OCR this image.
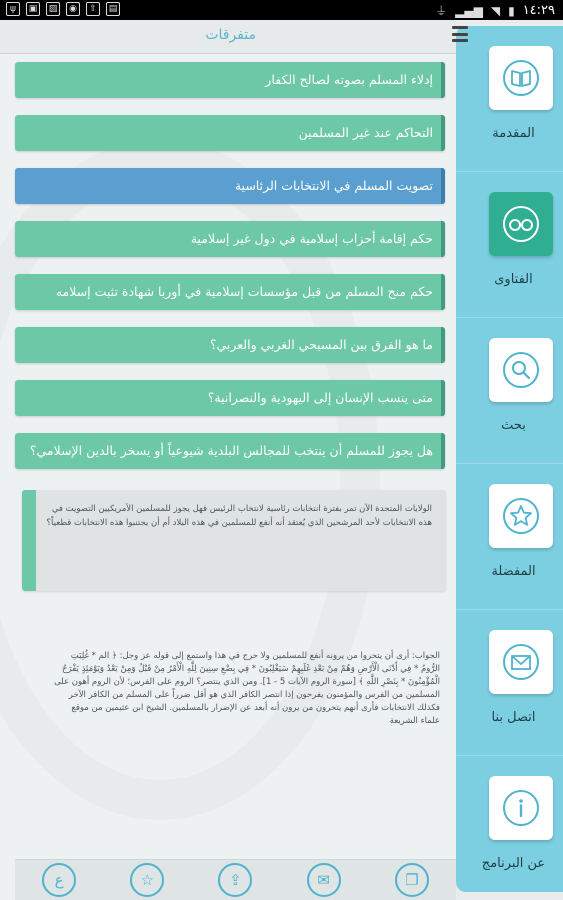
ψ	▣	▨	◉	⇧	▤	⏚ ▂▄▆ ◥ ▮ ١٤:٢٩
متفرقات
إدلاء المسلم بصوته لصالح الكفار
التحاكم عند غير المسلمين
تصويت المسلم في الانتخابات الرئاسية
حكم إقامة أحزاب إسلامية في دول غير إسلامية
حكم منح المسلم من قبل مؤسسات إسلامية في أوربا شهادة تثبت إسلامه
ما هو الفرق بين المسيحي الغربي والعربي؟
متى ينسب الإنسان إلى اليهودية والنصرانية؟
هل يجوز للمسلم أن ينتخب للمجالس البلدية شيوعياً أو يسخر بالدين الإسلامي؟

الولايات المتحدة الآن تمر بفترة انتخابات رئاسية لانتخاب الرئيس فهل يجوز للمسلمين الأمريكيين التصويت في هذه الانتخابات لأحد المرشحين الذي يُعتقد أنه أنفع للمسلمين في هذه البلاد أم أن يجتنبوا هذه الانتخابات قطعياً؟

الجواب: أرى أن يتحروا من يرونه أنفع للمسلمين ولا حرج في هذا واستمع إلى قوله عز وجل: ﴿ الم * غُلِبَتِ الرُّومُ * فِي أَدْنَى الْأَرْضِ وَهُمْ مِنْ بَعْدِ غَلَبِهِمْ سَيَغْلِبُونَ * فِي بِضْعِ سِنِينَ لِلَّهِ الْأَمْرُ مِنْ قَبْلُ وَمِنْ بَعْدُ وَيَوْمَئِذٍ يَفْرَحُ الْمُؤْمِنُونَ * بِنَصْرِ اللَّهِ ﴾ [سورة الروم الآيات 5 - 1]. ومن الذي ينتصر؟ الروم على الفرس؛ لأن الروم أهون على المسلمين من الفرس والمؤمنون يفرحون إذا انتصر الكافر الذي هو أقل ضرراً على المسلم من الكافر الآخر فكذلك الانتخابات فأرى أنهم يتحرون من يرون أنه أبعد عن الإضرار بالمسلمين. الشيخ ابن عثيمين من موقع علماء الشريعة

ع	☆	⇪	✉	❐
المقدمة
الفتاوى
بحث
المفضلة
اتصل بنا
عن البرنامج
